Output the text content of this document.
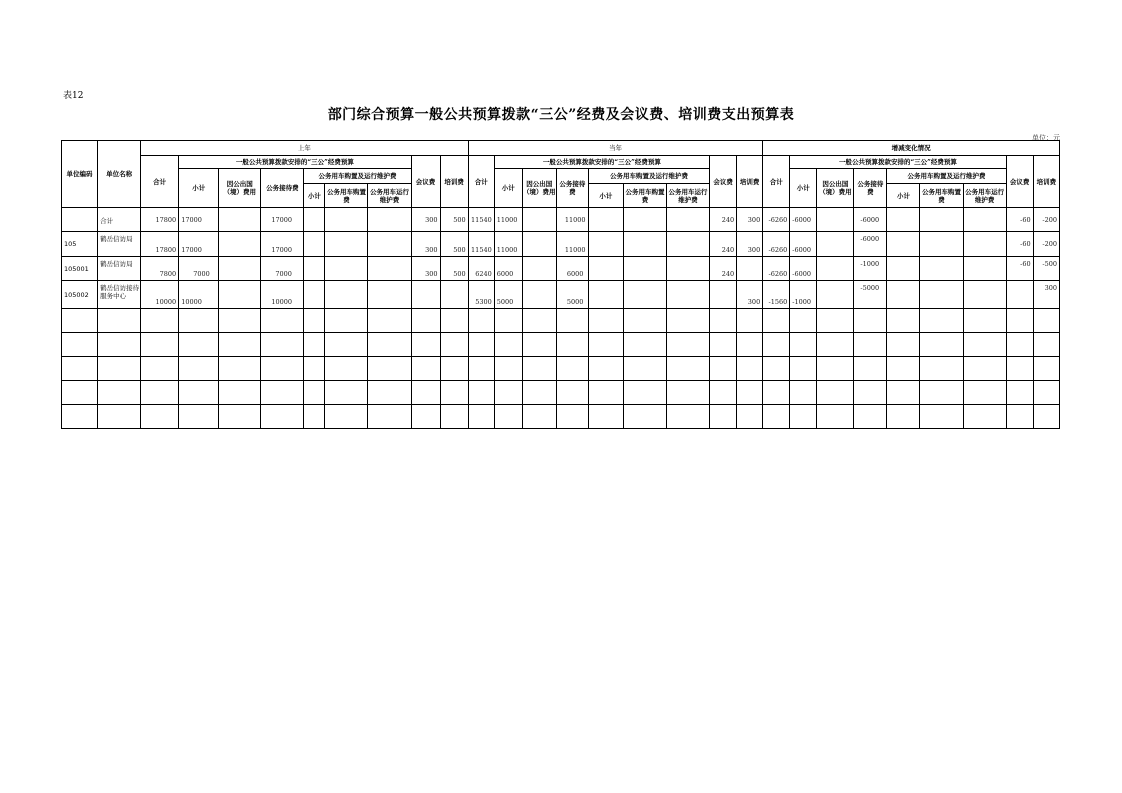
表12
部门综合预算一般公共预算拨款“三公”经费及会议费、培训费支出预算表
单位：元
单位编码	单位名称	上年									当年									增减变化情况								
		合计	一般公共预算拨款安排的“三公”经费预算						会议费	培训费	合计	一般公共预算拨款安排的“三公”经费预算						会议费	培训费	合计	一般公共预算拨款安排的“三公”经费预算						会议费	培训费
			小计	因公出国（境）费用	公务接待费	公务用车购置及运行维护费						小计	因公出国（境）费用	公务接待费	公务用车购置及运行维护费						小计	因公出国（境）费用	公务接待费	公务用车购置及运行维护费				
						小计	公务用车购置费	公务用车运行维护费							小计	公务用车购置费	公务用车运行维护费							小计	公务用车购置费	公务用车运行维护费		
	合计	17800	17000		17000				300	500	11540	11000		11000				240	300	-6260	-6000		-6000				-60	-200
105	鹤岳信访局	17800	17000		17000				300	500	11540	11000		11000				240	300	-6260	-6000		-6000				-60	-200
105001	鹤岳信访局	7800	7000		7000				300	500	6240	6000		6000				240		-6260	-6000		-1000				-60	-500
105002	鹤岳信访接待服务中心	10000	10000		10000						5300	5000		5000					300	-1560	-1000		-5000					300
